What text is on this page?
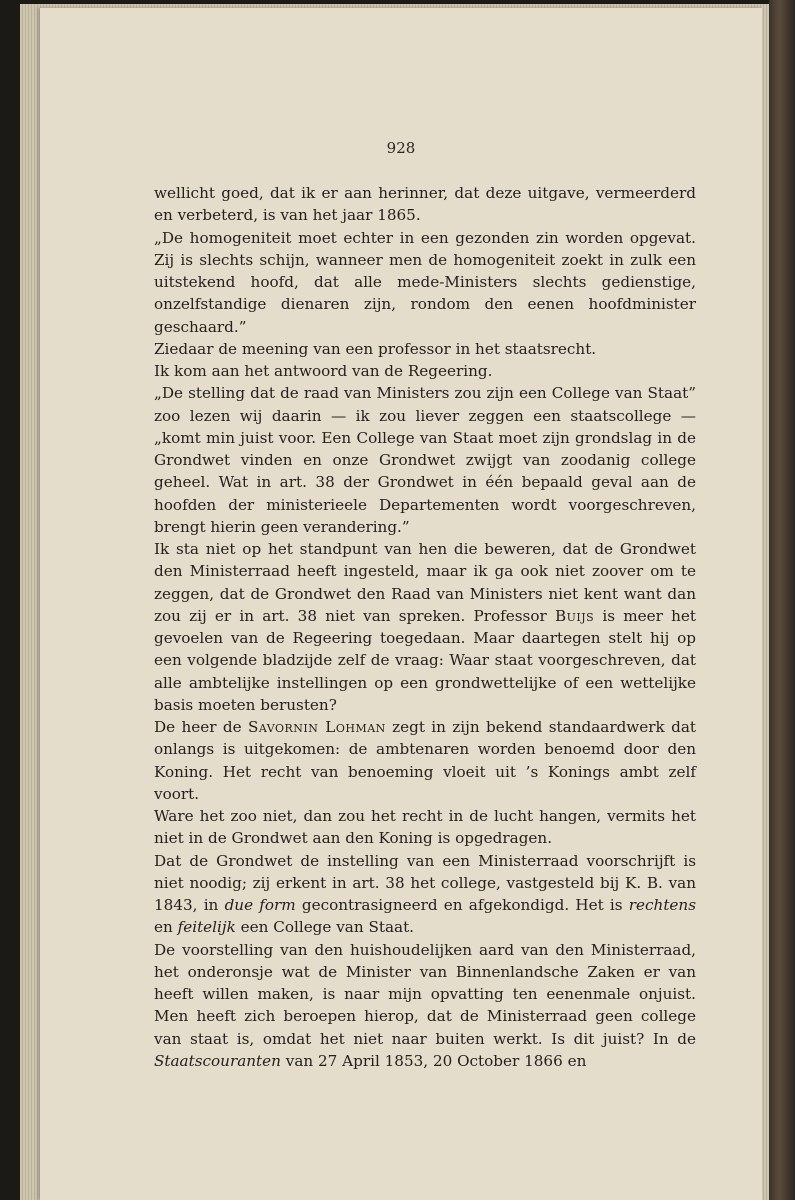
928

wellicht goed, dat ik er aan herinner, dat deze uitgave, vermeerderd en verbeterd, is van het jaar 1865.

„De homogeniteit moet echter in een gezonden zin worden opgevat. Zij is slechts schijn, wanneer men de homogeniteit zoekt in zulk een uitstekend hoofd, dat alle mede-Ministers slechts gedienstige, onzelfstandige dienaren zijn, rondom den eenen hoofdminister geschaard.”

Ziedaar de meening van een professor in het staatsrecht.

Ik kom aan het antwoord van de Regeering.

„De stelling dat de raad van Ministers zou zijn een College van Staat” zoo lezen wij daarin — ik zou liever zeggen een staatscollege — „komt min juist voor. Een College van Staat moet zijn grondslag in de Grondwet vinden en onze Grondwet zwijgt van zoodanig college geheel. Wat in art. 38 der Grondwet in één bepaald geval aan de hoofden der ministerieele Departementen wordt voorgeschreven, brengt hierin geen verandering.”

Ik sta niet op het standpunt van hen die beweren, dat de Grondwet den Ministerraad heeft ingesteld, maar ik ga ook niet zoover om te zeggen, dat de Grondwet den Raad van Ministers niet kent want dan zou zij er in art. 38 niet van spreken. Professor Buijs is meer het gevoelen van de Regeering toegedaan. Maar daartegen stelt hij op een volgende bladzijde zelf de vraag: Waar staat voorgeschreven, dat alle ambtelijke instellingen op een grondwettelijke of een wettelijke basis moeten berusten?

De heer de Savornin Lohman zegt in zijn bekend standaardwerk dat onlangs is uitgekomen: de ambtenaren worden benoemd door den Koning. Het recht van benoeming vloeit uit ’s Konings ambt zelf voort.

Ware het zoo niet, dan zou het recht in de lucht hangen, vermits het niet in de Grondwet aan den Koning is opgedragen.

Dat de Grondwet de instelling van een Ministerraad voorschrijft is niet noodig; zij erkent in art. 38 het college, vastgesteld bij K. B. van 1843, in due form gecontrasigneerd en afgekondigd. Het is rechtens en feitelijk een College van Staat.

De voorstelling van den huishoudelijken aard van den Ministerraad, het onderonsje wat de Minister van Binnenlandsche Zaken er van heeft willen maken, is naar mijn opvatting ten eenenmale onjuist. Men heeft zich beroepen hierop, dat de Ministerraad geen college van staat is, omdat het niet naar buiten werkt. Is dit juist? In de Staatscouranten van 27 April 1853, 20 October 1866 en
